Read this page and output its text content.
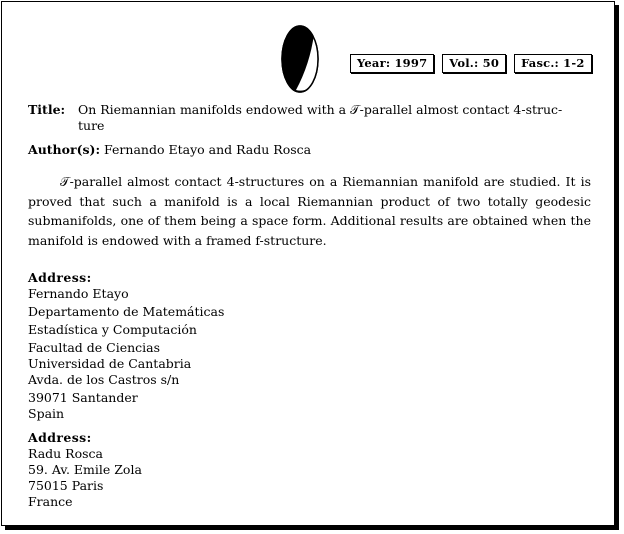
Year: 1997	Vol.: 50	Fasc.: 1-2
Title:	On Riemannian manifolds endowed with a 𝒯-parallel almost contact 4-struc-
ture
Author(s): Fernando Etayo and Radu Rosca
𝒯-parallel almost contact 4-structures on a Riemannian manifold are studied. It is proved that such a manifold is a local Riemannian product of two totally geodesic submanifolds, one of them being a space form. Additional results are obtained when the manifold is endowed with a framed f-structure.
Address:
Fernando Etayo
Departamento de Matemáticas
Estadística y Computación
Facultad de Ciencias
Universidad de Cantabria
Avda. de los Castros s/n
39071 Santander
Spain
Address:
Radu Rosca
59. Av. Emile Zola
75015 Paris
France
